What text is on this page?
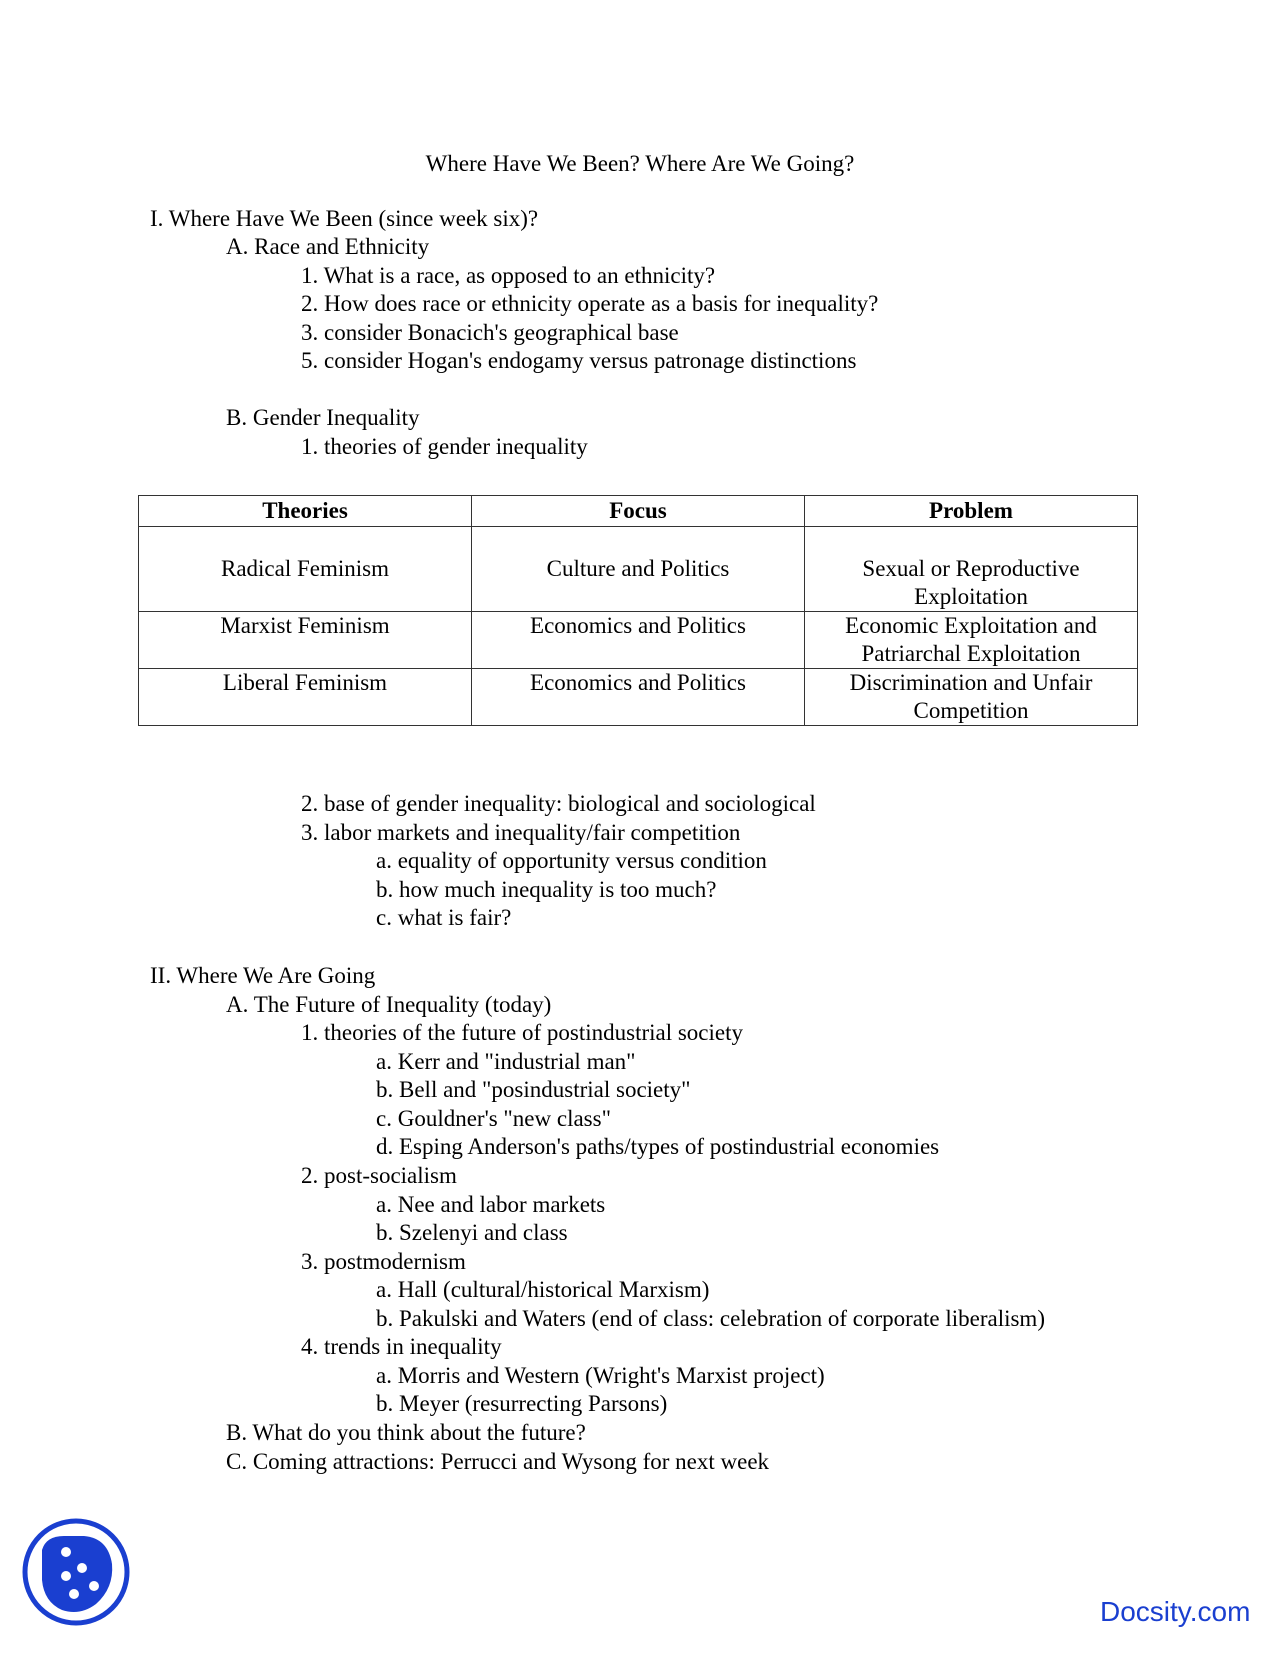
Where Have We Been? Where Are We Going?
I. Where Have We Been (since week six)?
A. Race and Ethnicity
1. What is a race, as opposed to an ethnicity?
2. How does race or ethnicity operate as a basis for inequality?
3. consider Bonacich's geographical base
5. consider Hogan's endogamy versus patronage distinctions
B. Gender Inequality
1. theories of gender inequality
Theories	Focus	Problem
Radical Feminism	Culture and Politics	Sexual or Reproductive Exploitation
Marxist Feminism	Economics and Politics	Economic Exploitation and Patriarchal Exploitation
Liberal Feminism	Economics and Politics	Discrimination and Unfair Competition
2. base of gender inequality: biological and sociological
3. labor markets and inequality/fair competition
a. equality of opportunity versus condition
b. how much inequality is too much?
c. what is fair?
II. Where We Are Going
A. The Future of Inequality (today)
1. theories of the future of postindustrial society
a. Kerr and "industrial man"
b. Bell and "posindustrial society"
c. Gouldner's "new class"
d. Esping Anderson's paths/types of postindustrial economies
2. post-socialism
a. Nee and labor markets
b. Szelenyi and class
3. postmodernism
a. Hall (cultural/historical Marxism)
b. Pakulski and Waters (end of class: celebration of corporate liberalism)
4. trends in inequality
a. Morris and Western (Wright's Marxist project)
b. Meyer (resurrecting Parsons)
B. What do you think about the future?
C. Coming attractions: Perrucci and Wysong for next week
Docsity.com
